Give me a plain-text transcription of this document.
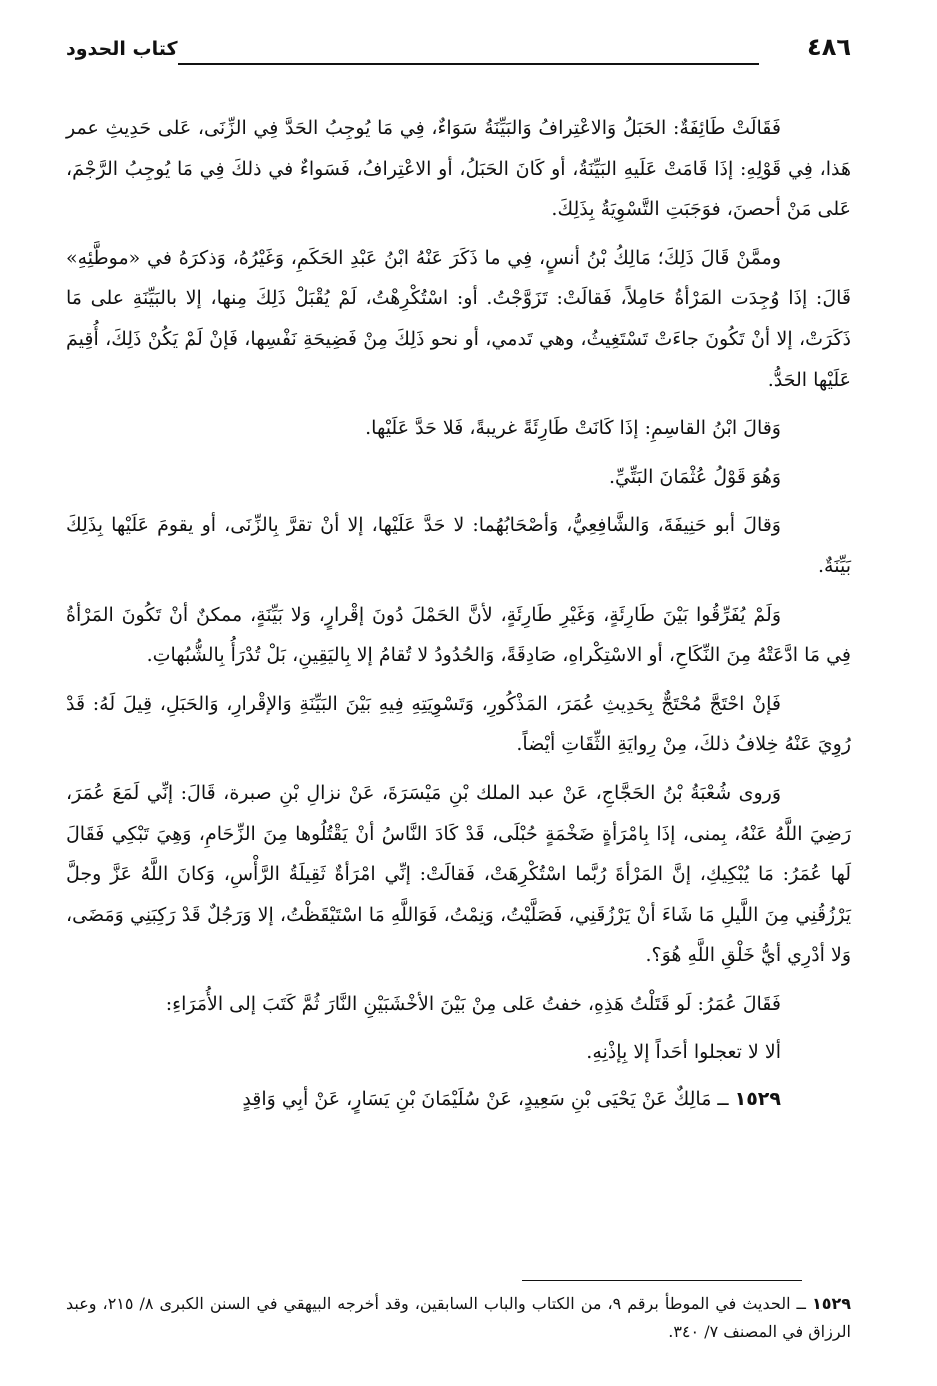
٤٨٦
كتاب الحدود

فَقَالَتْ طَائِفَةٌ: الحَبَلُ وَالاعْتِرافُ وَالبَيِّنَةُ سَوَاءٌ، فِي مَا يُوجِبُ الحَدَّ فِي الزِّنَى، عَلى حَدِيثِ عمر هَذا، فِي قَوْلِهِ: إذَا قَامَتْ عَلَيهِ البَيِّنَةُ، أو كَانَ الحَبَلُ، أو الاعْتِرافُ، فَسَواءٌ في ذلكَ فِي مَا يُوجِبُ الرَّجْمَ، عَلى مَنْ أحصنَ، فوَجَبَتِ التَّسْوِيَةُ بِذَلِكَ.

وممَّنْ قَالَ ذَلِكَ؛ مَالِكُ بْنُ أنسٍ، فِي ما ذَكَرَ عَنْهُ ابْنُ عَبْدِ الحَكَمِ، وَغَيْرُهُ، وَذكرَهُ في «موطَّئِهِ» قَالَ: إذَا وُجِدَت المَرْأةُ حَامِلاً، فَقالَتْ: تَزَوَّجْتُ. أو: اسْتُكْرِهْتُ، لَمْ يُقْبَلْ ذَلِكَ مِنها، إلا بالبَيِّنَةِ على مَا ذَكَرَتْ، إلا أنْ تَكُونَ جاءَتْ تَسْتَغِيثُ، وهي تَدمي، أو نحو ذَلِكَ مِنْ فَضِيحَةِ نَفْسِها، فَإنْ لَمْ يَكُنْ ذَلِكَ، أُقِيمَ عَلَيْها الحَدُّ.

وَقالَ ابْنُ القاسِمِ: إذَا كَانَتْ طَارِئَةً غريبةً، فَلا حَدَّ عَلَيْها.

وَهُوَ قَوْلُ عُثْمَانَ البَتِّيِّ.

وَقالَ أبو حَنِيفَةَ، وَالشَّافِعِيُّ، وَأصْحَابُهُما: لا حَدَّ عَلَيْها، إلا أنْ تقرَّ بِالزِّنَى، أو يقومَ عَلَيْها بِذَلِكَ بَيِّنَةٌ.

وَلَمْ يُفَرِّقُوا بَيْنَ طَارِئَةٍ، وَغَيْرِ طَارِئَةٍ، لأنَّ الحَمْلَ دُونَ إقْرارٍ، وَلا بَيِّنَةٍ، ممكنٌ أنْ تَكُونَ المَرْأةُ فِي مَا ادَّعَتْهُ مِنَ النِّكَاحِ، أو الاسْتِكْراهِ، صَادِقَةً، وَالحُدُودُ لا تُقامُ إلا بِاليَقِينِ، بَلْ تُدْرَأُ بِالشُّبُهاتِ.

فَإنْ احْتَجَّ مُحْتَجٌّ بِحَدِيثِ عُمَرَ، المَذْكُورِ، وَتَسْوِيَتِهِ فِيهِ بَيْنَ البَيِّنَةِ وَالإقْرارِ، وَالحَبَلِ، قِيلَ لَهُ: قَدْ رُوِيَ عَنْهُ خِلافُ ذلكَ، مِنْ رِوايَةِ الثِّقَاتِ أيْضاً.

وَروى شُعْبَةُ بْنُ الحَجَّاجِ، عَنْ عبد الملك بْنِ مَيْسَرَةَ، عَنْ نزالِ بْنِ صبرة، قَالَ: إنِّي لَمَعَ عُمَرَ، رَضِيَ اللَّهُ عَنْهُ، بِمنى، إذَا بِامْرَأةٍ ضَخْمَةٍ حُبْلَى، قَدْ كَادَ النَّاسُ أنْ يَقْتُلُوها مِنَ الزِّحَامِ، وَهِيَ تَبْكِي فَقَالَ لَها عُمَرُ: مَا يُبْكِيكِ، إنَّ المَرْأةَ رُبَّما اسْتُكْرِهَتْ، فَقالَتْ: إنِّي امْرَأةٌ ثَقِيلَةُ الرَّأْسِ، وَكانَ اللَّهُ عَزَّ وجلَّ يَرْزُقُنِي مِنَ اللَّيلِ مَا شَاءَ أنْ يَرْزُقَنِي، فَصَلَّيْتُ، وَنِمْتُ، فَوَاللَّهِ مَا اسْتَيْقَظْتُ، إلا وَرَجُلٌ قَدْ رَكِبَنِي وَمَضَى، وَلا أدْرِي أيُّ خَلْقِ اللَّهِ هُوَ؟.

فَقَالَ عُمَرُ: لَو قَتَلْتُ هَذِهِ، خفتُ عَلى مِنْ بَيْنَ الأخْشَبَيْنِ النَّارَ ثُمَّ كَتَبَ إلى الأُمَرَاءِ:

ألا لا تعجلوا أحَداً إلا بِإذْنِهِ.

١٥٢٩ ــ مَالِكٌ عَنْ يَحْيَى بْنِ سَعِيدٍ، عَنْ سُلَيْمَانَ بْنِ يَسَارٍ، عَنْ أبِي وَاقِدٍ

١٥٢٩ ــ الحديث في الموطأ برقم ٩، من الكتاب والباب السابقين، وقد أخرجه البيهقي في السنن الكبرى ٨/ ٢١٥، وعبد الرزاق في المصنف ٧/ ٣٤٠.
